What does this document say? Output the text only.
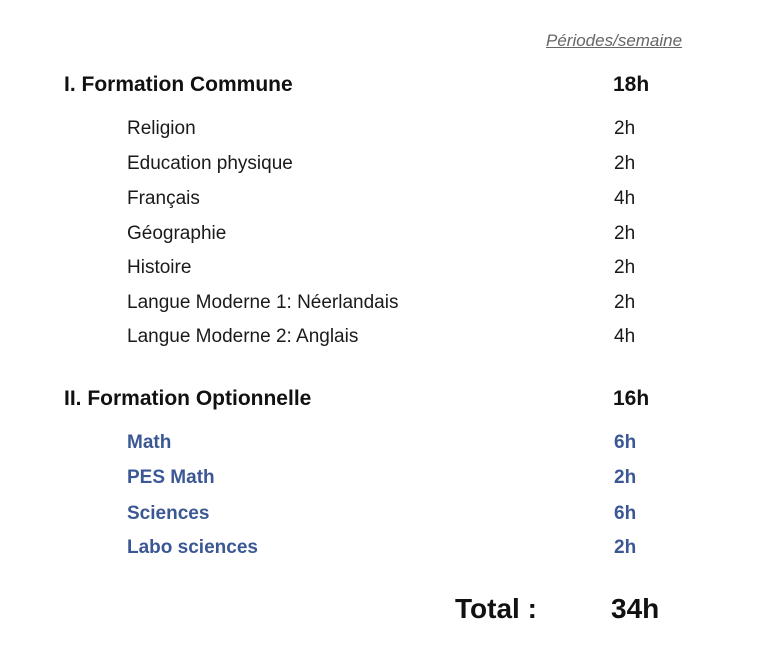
Périodes/semaine
I. Formation Commune	18h
Religion	2h
Education physique	2h
Français	4h
Géographie	2h
Histoire	2h
Langue Moderne 1: Néerlandais	2h
Langue Moderne 2: Anglais	4h
II. Formation Optionnelle	16h
Math	6h
PES Math	2h
Sciences	6h
Labo sciences	2h
Total :	34h
